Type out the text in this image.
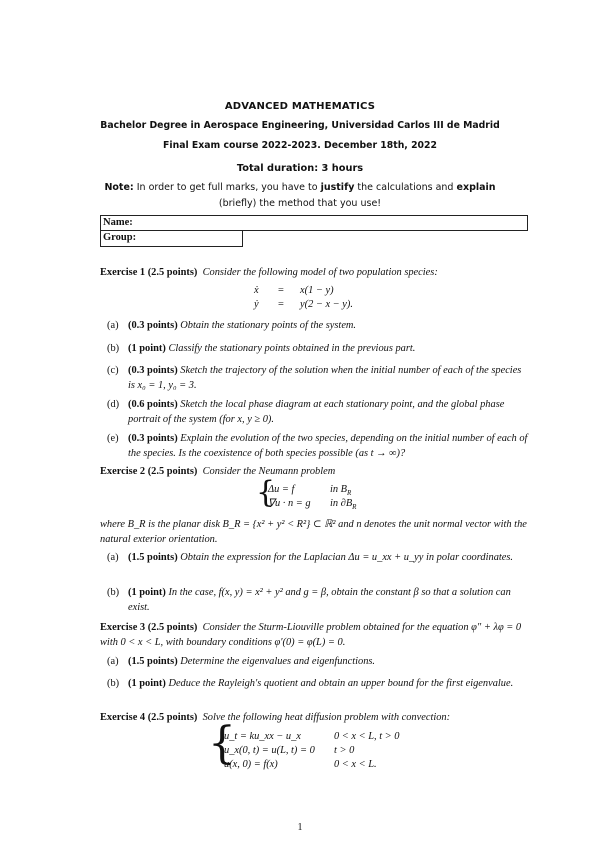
ADVANCED MATHEMATICS
Bachelor Degree in Aerospace Engineering, Universidad Carlos III de Madrid
Final Exam course 2022-2023. December 18th, 2022
Total duration: 3 hours
Note: In order to get full marks, you have to justify the calculations and explain (briefly) the method that you use!
Name:
Group:
Exercise 1 (2.5 points) Consider the following model of two population species:
ẋ = x(1 − y)
ẏ = y(2 − x − y).
(a) (0.3 points) Obtain the stationary points of the system.
(b) (1 point) Classify the stationary points obtained in the previous part.
(c) (0.3 points) Sketch the trajectory of the solution when the initial number of each of the species is x₀ = 1, y₀ = 3.
(d) (0.6 points) Sketch the local phase diagram at each stationary point, and the global phase portrait of the system (for x, y ≥ 0).
(e) (0.3 points) Explain the evolution of the two species, depending on the initial number of each of the species. Is the coexistence of both species possible (as t → ∞)?
Exercise 2 (2.5 points) Consider the Neumann problem
{
Δu = f	in $B_R$
∇u · n = g in $\partial B_R$
where B_R is the planar disk B_R = {x² + y² < R²} ⊂ ℝ² and n denotes the unit normal vector with the natural exterior orientation.
(a) (1.5 points) Obtain the expression for the Laplacian Δu = u_xx + u_yy in polar coordinates.
(b) (1 point) In the case, f(x, y) = x² + y² and g = β, obtain the constant β so that a solution can exist.
Exercise 3 (2.5 points) Consider the Sturm-Liouville problem obtained for the equation φ″ + λφ = 0 with 0 < x < L, with boundary conditions φ′(0) = φ(L) = 0.
(a) (1.5 points) Determine the eigenvalues and eigenfunctions.
(b) (1 point) Deduce the Rayleigh's quotient and obtain an upper bound for the first eigenvalue.
Exercise 4 (2.5 points) Solve the following heat diffusion problem with convection:
{
u_t = ku_xx − u_x	0 < x < L, t > 0
u_x(0, t) = u(L, t) = 0 t > 0
u(x, 0) = f(x)	0 < x < L.
1
